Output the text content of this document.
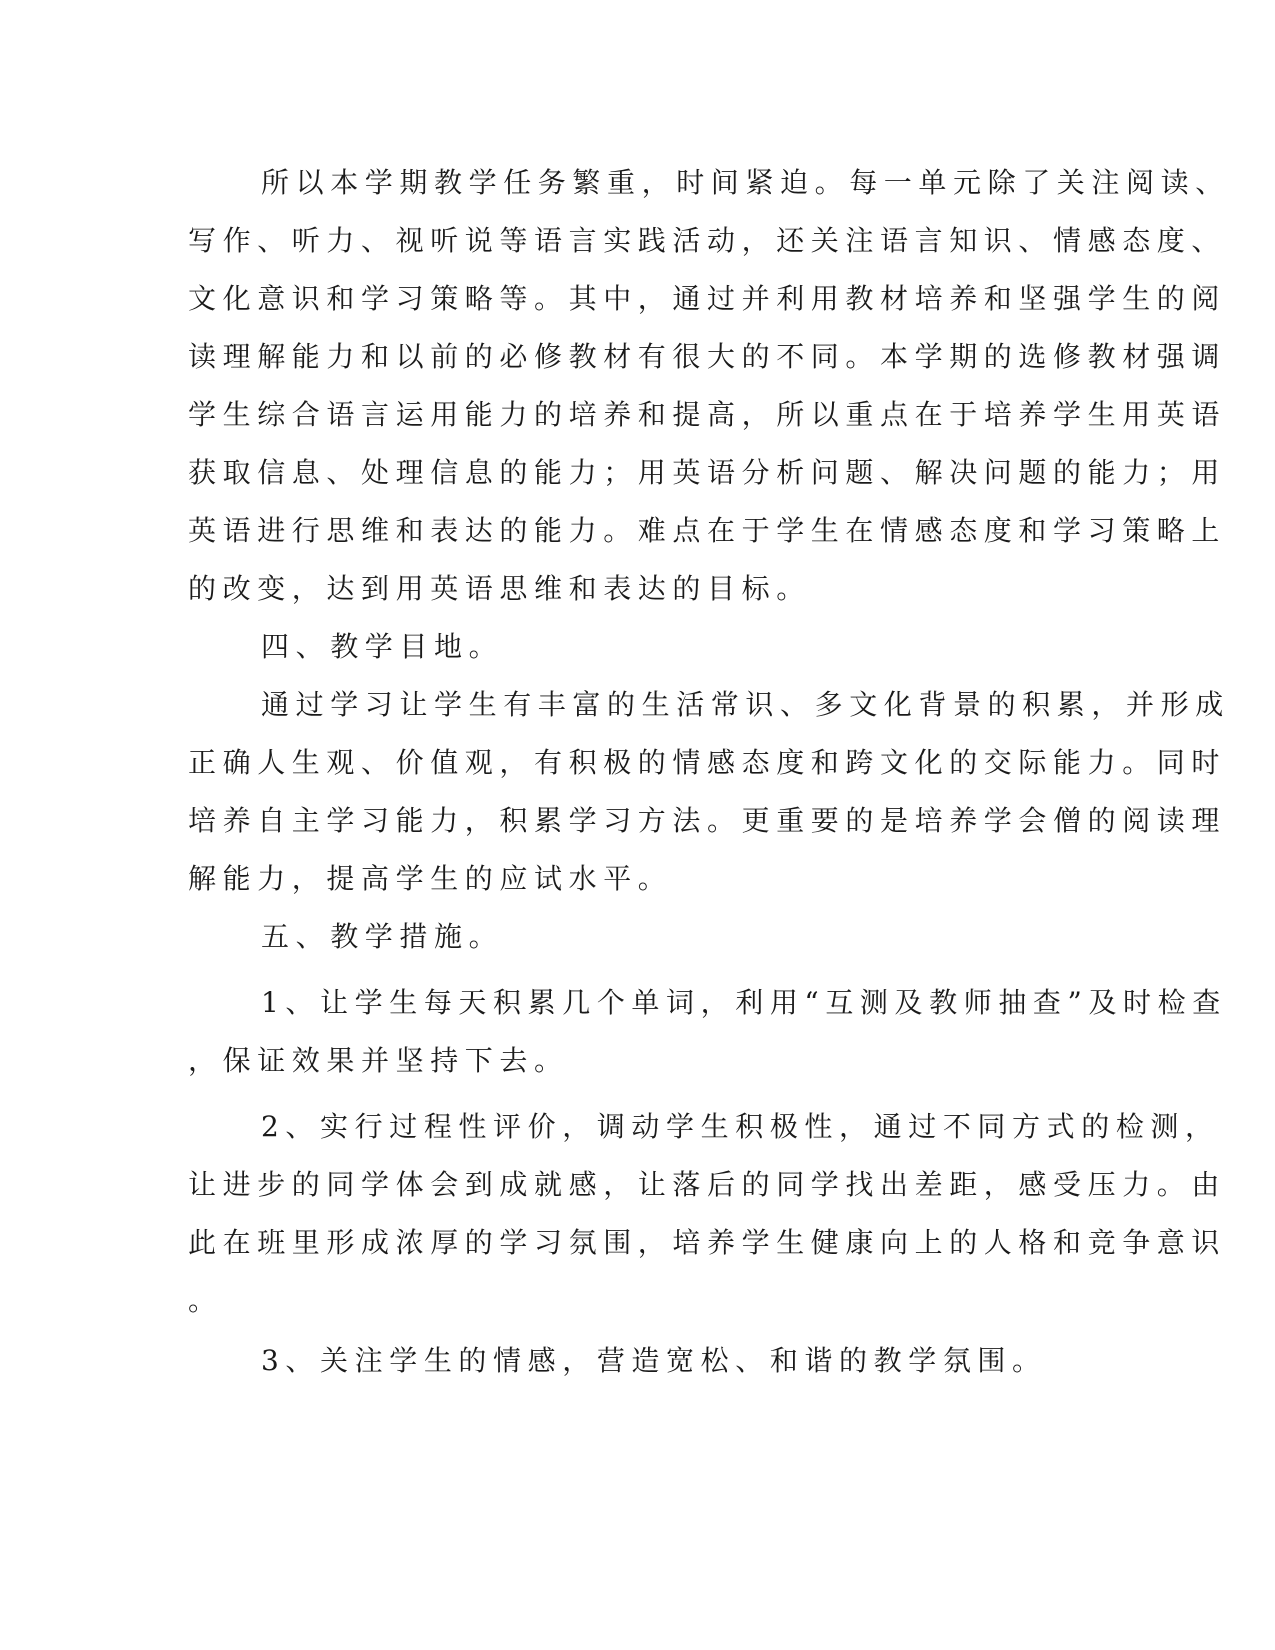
所以本学期教学任务繁重，时间紧迫。每一单元除了关注阅读、

写作、听力、视听说等语言实践活动，还关注语言知识、情感态度、

文化意识和学习策略等。其中，通过并利用教材培养和坚强学生的阅

读理解能力和以前的必修教材有很大的不同。本学期的选修教材强调

学生综合语言运用能力的培养和提高，所以重点在于培养学生用英语

获取信息、处理信息的能力；用英语分析问题、解决问题的能力；用

英语进行思维和表达的能力。难点在于学生在情感态度和学习策略上

的改变，达到用英语思维和表达的目标。

四、教学目地。

通过学习让学生有丰富的生活常识、多文化背景的积累，并形成

正确人生观、价值观，有积极的情感态度和跨文化的交际能力。同时

培养自主学习能力，积累学习方法。更重要的是培养学会僧的阅读理

解能力，提高学生的应试水平。

五、教学措施。

1、让学生每天积累几个单词，利用“互测及教师抽查”及时检查

，保证效果并坚持下去。

2、实行过程性评价，调动学生积极性，通过不同方式的检测，

让进步的同学体会到成就感，让落后的同学找出差距，感受压力。由

此在班里形成浓厚的学习氛围，培养学生健康向上的人格和竞争意识

。

3、关注学生的情感，营造宽松、和谐的教学氛围。
